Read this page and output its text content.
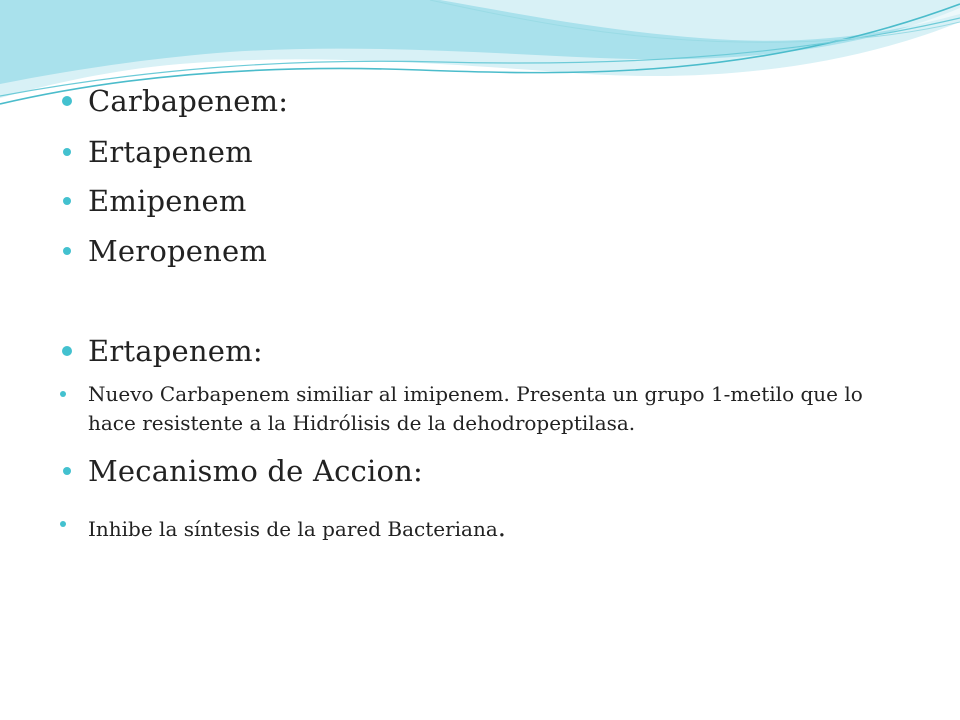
Carbapenem:
Ertapenem
Emipenem
Meropenem
Ertapenem:
Nuevo Carbapenem similiar al imipenem. Presenta un grupo 1-metilo que lo hace resistente a la Hidrólisis de la dehodropeptilasa.
Mecanismo de Accion:
Inhibe la síntesis de la pared Bacteriana.
